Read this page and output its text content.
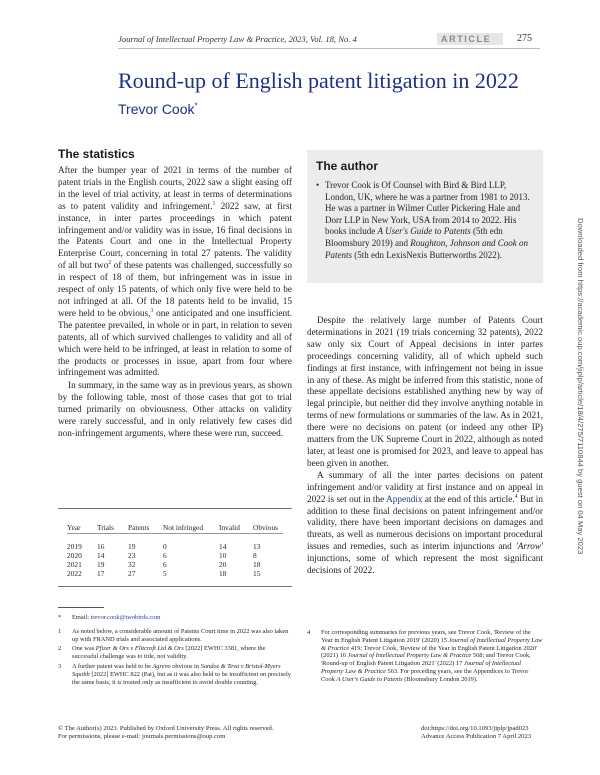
Journal of Intellectual Property Law & Practice, 2023, Vol. 18, No. 4	ARTICLE	275
Round-up of English patent litigation in 2022
Trevor Cook*
The statistics

After the bumper year of 2021 in terms of the number of patent trials in the English courts, 2022 saw a slight easing off in the level of trial activity, at least in terms of determinations as to patent validity and infringement.$^1$ 2022 saw, at first instance, in inter partes proceedings in which patent infringement and/or validity was in issue, 16 final decisions in the Patents Court and one in the Intellectual Property Enterprise Court, concerning in total 27 patents. The validity of all but two$^2$ of these patents was challenged, successfully so in respect of 18 of them, but infringement was in issue in respect of only 15 patents, of which only five were held to be not infringed at all. Of the 18 patents held to be invalid, 15 were held to be obvious,$^3$ one anticipated and one insufficient. The patentee prevailed, in whole or in part, in relation to seven patents, all of which survived challenges to validity and all of which were held to be infringed, at least in relation to some of the products or processes in issue, apart from four where infringement was admitted.

In summary, in the same way as in previous years, as shown by the following table, most of those cases that got to trial turned primarily on obviousness. Other attacks on validity were rarely successful, and in only relatively few cases did non-infringement arguments, where these were run, succeed.

Year	Trials	Patents	Not infringed	Invalid	Obvious

2019	16	19	0	14	13
2020	14	23	6	10	8
2021	19	32	6	20	18
2022	17	27	5	18	15
The author
• Trevor Cook is Of Counsel with Bird & Bird LLP, London, UK, where he was a partner from 1981 to 2013. He was a partner in Wilmer Cutler Pickering Hale and Dorr LLP in New York, USA from 2014 to 2022. His books include A User's Guide to Patents (5th edn Bloomsbury 2019) and Roughton, Johnson and Cook on Patents (5th edn LexisNexis Butterworths 2022).

Despite the relatively large number of Patents Court determinations in 2021 (19 trials concerning 32 patents), 2022 saw only six Court of Appeal decisions in inter partes proceedings concerning validity, all of which upheld such findings at first instance, with infringement not being in issue in any of these. As might be inferred from this statistic, none of these appellate decisions established anything new by way of legal principle, but neither did they involve anything notable in terms of new formulations or summaries of the law. As in 2021, there were no decisions on patent (or indeed any other IP) matters from the UK Supreme Court in 2022, although as noted later, at least one is promised for 2023, and leave to appeal has been given in another.

A summary of all the inter partes decisions on patent infringement and/or validity at first instance and on appeal in 2022 is set out in the Appendix at the end of this article.$^4$ But in addition to these final decisions on patent infringement and/or validity, there have been important decisions on damages and threats, as well as numerous decisions on important procedural issues and remedies, such as interim injunctions and 'Arrow' injunctions, some of which represent the most significant decisions of 2022.

* Email: trevor.cook@twobirds.com
1 As noted below, a considerable amount of Patents Court time in 2022 was also taken up with FRAND trials and associated applications.
2 One was Pfizer & Ors v Flitcroft Ltd & Ors [2022] EWHC 3381, where the successful challenge was to title, not validity.
3 A further patent was held to be Agrevo obvious in Sandoz & Teva v Bristol-Myers Squibb [2022] EWHC 822 (Pat), but as it was also held to be insufficient on precisely the same basis, it is treated only as insufficient to avoid double counting.
4 For corresponding summaries for previous years, see Trevor Cook, 'Review of the Year in English Patent Litigation 2019' (2020) 15 Journal of Intellectual Property Law & Practice 419; Trevor Cook, 'Review of the Year in English Patent Litigation 2020' (2021) 16 Journal of Intellectual Property Law & Practice 568; and Trevor Cook, 'Round-up of English Patent Litigation 2021' (2022) 17 Journal of Intellectual Property Law & Practice 563. For preceding years, see the Appendices to Trevor Cook A User's Guide to Patents (Bloomsbury London 2019).
© The Author(s) 2023. Published by Oxford University Press. All rights reserved.
For permissions, please e-mail: journals.permissions@oup.com
doi:https://doi.org/10.1093/jiplp/jpad023
Advance Access Publication 7 April 2023
Downloaded from https://academic.oup.com/jiplp/article/18/4/275/7110844 by guest on 04 May 2023
